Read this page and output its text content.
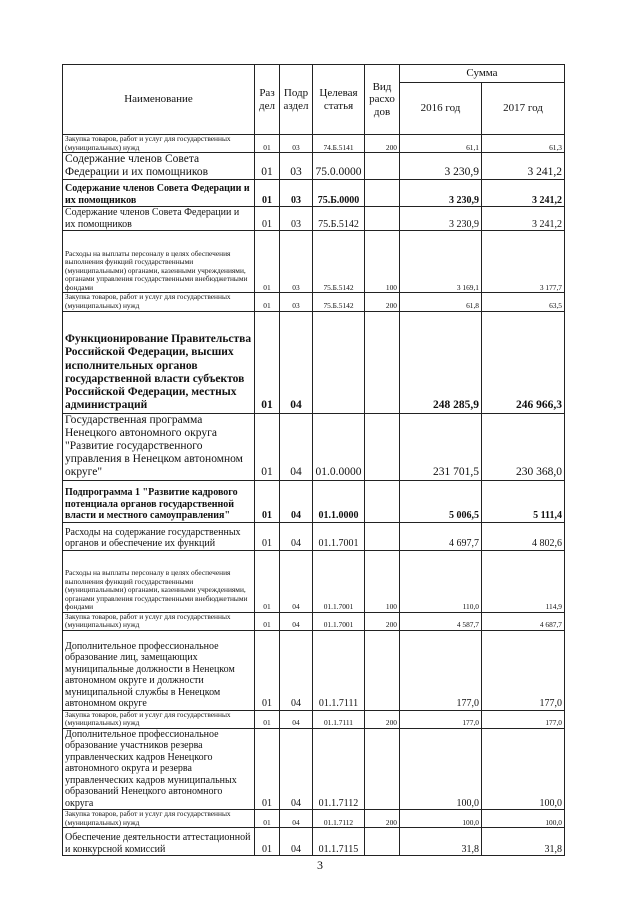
Наименование	Раз дел	Подр аздел	Целевая статья	Вид расхо дов	Сумма	
					2016 год	2017 год
Закупка товаров, работ и услуг для государственных (муниципальных) нужд	01	03	74.Б.5141	200	61,1	61,3
Содержание членов Совета Федерации и их помощников	01	03	75.0.0000		3 230,9	3 241,2
Содержание членов Совета Федерации и их помощников	01	03	75.Б.0000		3 230,9	3 241,2
Содержание членов Совета Федерации и их помощников	01	03	75.Б.5142		3 230,9	3 241,2
Расходы на выплаты персоналу в целях обеспечения выполнения функций государственными (муниципальными) органами, казенными учреждениями, органами управления государственными внебюджетными фондами	01	03	75.Б.5142	100	3 169,1	3 177,7
Закупка товаров, работ и услуг для государственных (муниципальных) нужд	01	03	75.Б.5142	200	61,8	63,5
Функционирование Правительства Российской Федерации, высших исполнительных органов государственной власти субъектов Российской Федерации, местных администраций	01	04			248 285,9	246 966,3
Государственная программа Ненецкого автономного округа "Развитие государственного управления в Ненецком автономном округе"	01	04	01.0.0000		231 701,5	230 368,0
Подпрограмма 1 "Развитие кадрового потенциала органов государственной власти и местного самоуправления"	01	04	01.1.0000		5 006,5	5 111,4
Расходы на содержание государственных органов и обеспечение их функций	01	04	01.1.7001		4 697,7	4 802,6
Расходы на выплаты персоналу в целях обеспечения выполнения функций государственными (муниципальными) органами, казенными учреждениями, органами управления государственными внебюджетными фондами	01	04	01.1.7001	100	110,0	114,9
Закупка товаров, работ и услуг для государственных (муниципальных) нужд	01	04	01.1.7001	200	4 587,7	4 687,7
Дополнительное профессиональное образование лиц, замещающих муниципальные должности в Ненецком автономном округе и должности муниципальной службы в Ненецком автономном округе	01	04	01.1.7111		177,0	177,0
Закупка товаров, работ и услуг для государственных (муниципальных) нужд	01	04	01.1.7111	200	177,0	177,0
Дополнительное профессиональное образование участников резерва управленческих кадров Ненецкого автономного округа и резерва управленческих кадров муниципальных образований Ненецкого автономного округа	01	04	01.1.7112		100,0	100,0
Закупка товаров, работ и услуг для государственных (муниципальных) нужд	01	04	01.1.7112	200	100,0	100,0
Обеспечение деятельности аттестационной и конкурсной комиссий	01	04	01.1.7115		31,8	31,8
3
